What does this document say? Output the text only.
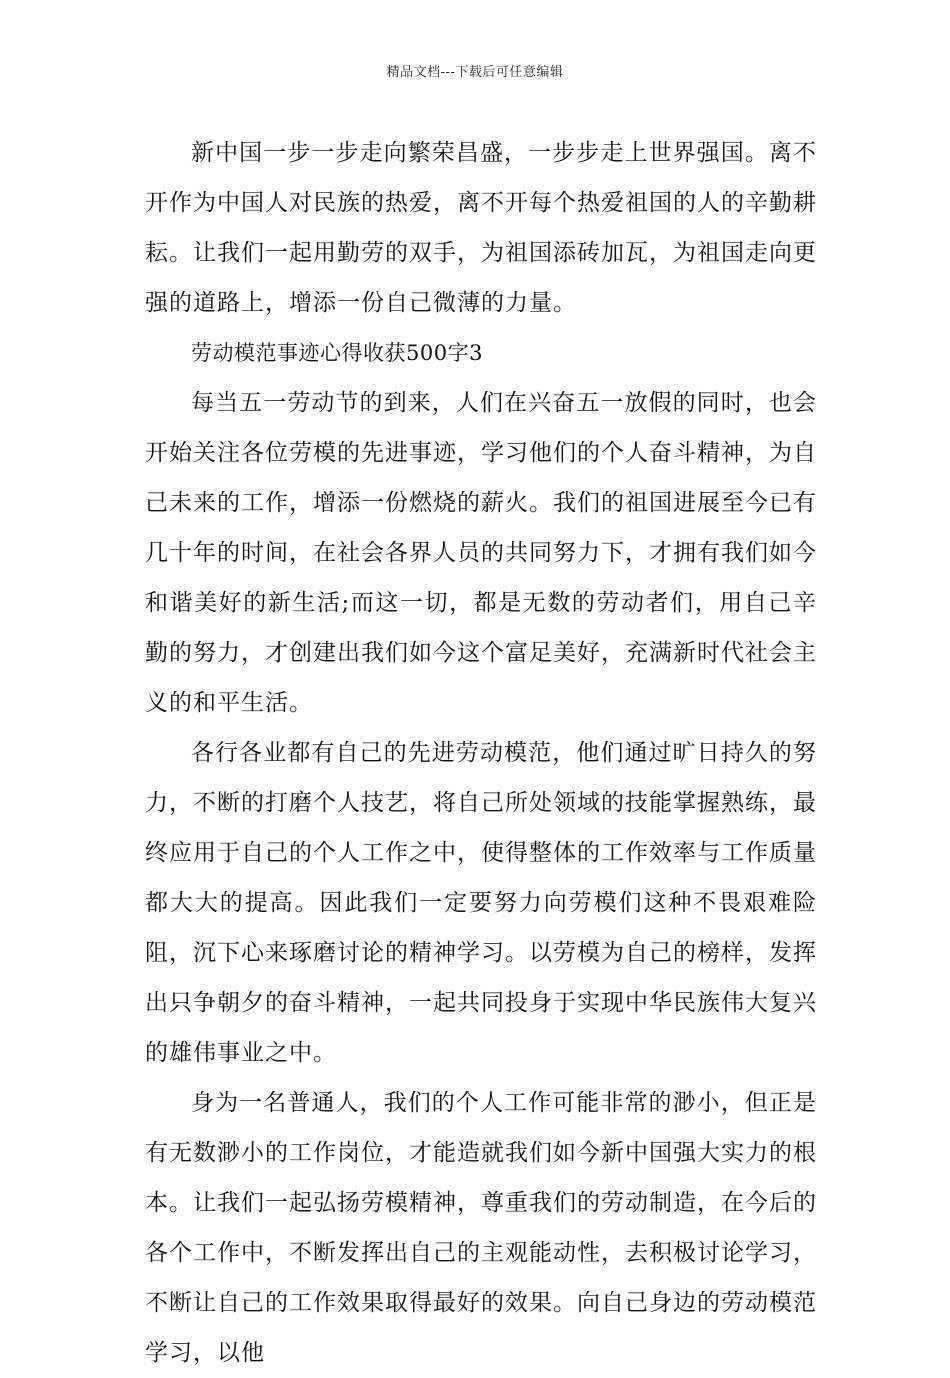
精品文档---下载后可任意编辑

新中国一步一步走向繁荣昌盛，一步步走上世界强国。离不开作为中国人对民族的热爱，离不开每个热爱祖国的人的辛勤耕耘。让我们一起用勤劳的双手，为祖国添砖加瓦，为祖国走向更强的道路上，增添一份自己微薄的力量。

劳动模范事迹心得收获500字3

每当五一劳动节的到来，人们在兴奋五一放假的同时，也会开始关注各位劳模的先进事迹，学习他们的个人奋斗精神，为自己未来的工作，增添一份燃烧的薪火。我们的祖国进展至今已有几十年的时间，在社会各界人员的共同努力下，才拥有我们如今和谐美好的新生活;而这一切，都是无数的劳动者们，用自己辛勤的努力，才创建出我们如今这个富足美好，充满新时代社会主义的和平生活。

各行各业都有自己的先进劳动模范，他们通过旷日持久的努力，不断的打磨个人技艺，将自己所处领域的技能掌握熟练，最终应用于自己的个人工作之中，使得整体的工作效率与工作质量都大大的提高。因此我们一定要努力向劳模们这种不畏艰难险阻，沉下心来琢磨讨论的精神学习。以劳模为自己的榜样，发挥出只争朝夕的奋斗精神，一起共同投身于实现中华民族伟大复兴的雄伟事业之中。

身为一名普通人，我们的个人工作可能非常的渺小，但正是有无数渺小的工作岗位，才能造就我们如今新中国强大实力的根本。让我们一起弘扬劳模精神，尊重我们的劳动制造，在今后的各个工作中，不断发挥出自己的主观能动性，去积极讨论学习，不断让自己的工作效果取得最好的效果。向自己身边的劳动模范学习，以他
